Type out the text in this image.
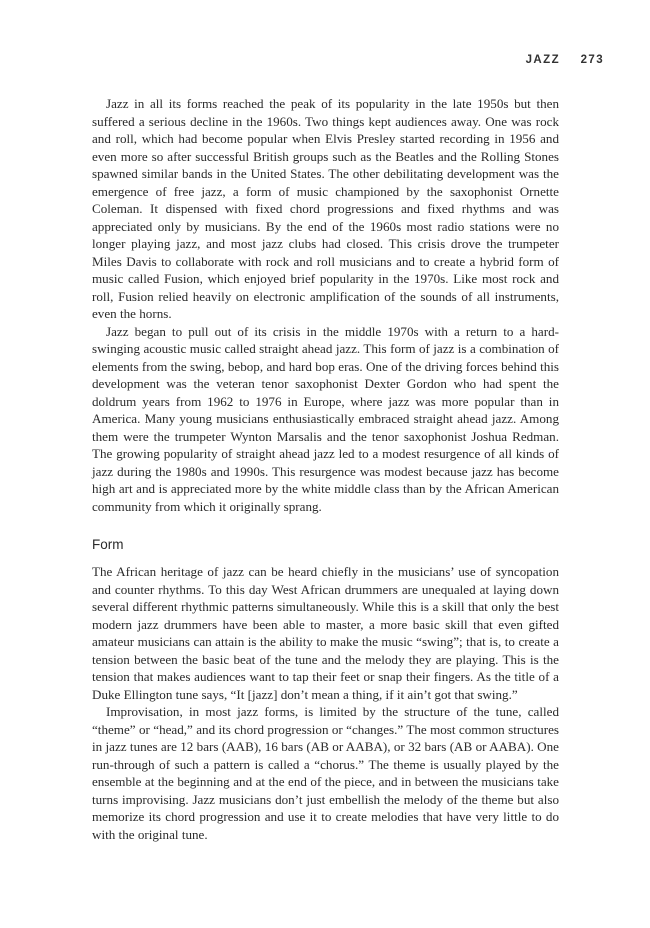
JAZZ 273

Jazz in all its forms reached the peak of its popularity in the late 1950s but then suffered a serious decline in the 1960s. Two things kept audiences away. One was rock and roll, which had become popular when Elvis Presley started recording in 1956 and even more so after successful British groups such as the Beatles and the Rolling Stones spawned similar bands in the United States. The other debilitating development was the emergence of free jazz, a form of music championed by the saxophonist Ornette Coleman. It dispensed with fixed chord progressions and fixed rhythms and was appreciated only by musicians. By the end of the 1960s most radio stations were no longer playing jazz, and most jazz clubs had closed. This crisis drove the trumpeter Miles Davis to collaborate with rock and roll musicians and to create a hybrid form of music called Fusion, which enjoyed brief popularity in the 1970s. Like most rock and roll, Fusion relied heavily on electronic amplification of the sounds of all instruments, even the horns.

Jazz began to pull out of its crisis in the middle 1970s with a return to a hard-swinging acoustic music called straight ahead jazz. This form of jazz is a combination of elements from the swing, bebop, and hard bop eras. One of the driving forces behind this development was the veteran tenor saxophonist Dexter Gordon who had spent the doldrum years from 1962 to 1976 in Europe, where jazz was more popular than in America. Many young musicians enthusiastically embraced straight ahead jazz. Among them were the trumpeter Wynton Marsalis and the tenor saxophonist Joshua Redman. The growing popularity of straight ahead jazz led to a modest resurgence of all kinds of jazz during the 1980s and 1990s. This resurgence was modest because jazz has become high art and is appreciated more by the white middle class than by the African American community from which it originally sprang.

Form

The African heritage of jazz can be heard chiefly in the musicians’ use of syncopation and counter rhythms. To this day West African drummers are unequaled at laying down several different rhythmic patterns simultaneously. While this is a skill that only the best modern jazz drummers have been able to master, a more basic skill that even gifted amateur musicians can attain is the ability to make the music “swing”; that is, to create a tension between the basic beat of the tune and the melody they are playing. This is the tension that makes audiences want to tap their feet or snap their fingers. As the title of a Duke Ellington tune says, “It [jazz] don’t mean a thing, if it ain’t got that swing.”

Improvisation, in most jazz forms, is limited by the structure of the tune, called “theme” or “head,” and its chord progression or “changes.” The most common structures in jazz tunes are 12 bars (AAB), 16 bars (AB or AABA), or 32 bars (AB or AABA). One run-through of such a pattern is called a “chorus.” The theme is usually played by the ensemble at the beginning and at the end of the piece, and in between the musicians take turns improvising. Jazz musicians don’t just embellish the melody of the theme but also memorize its chord progression and use it to create melodies that have very little to do with the original tune.
